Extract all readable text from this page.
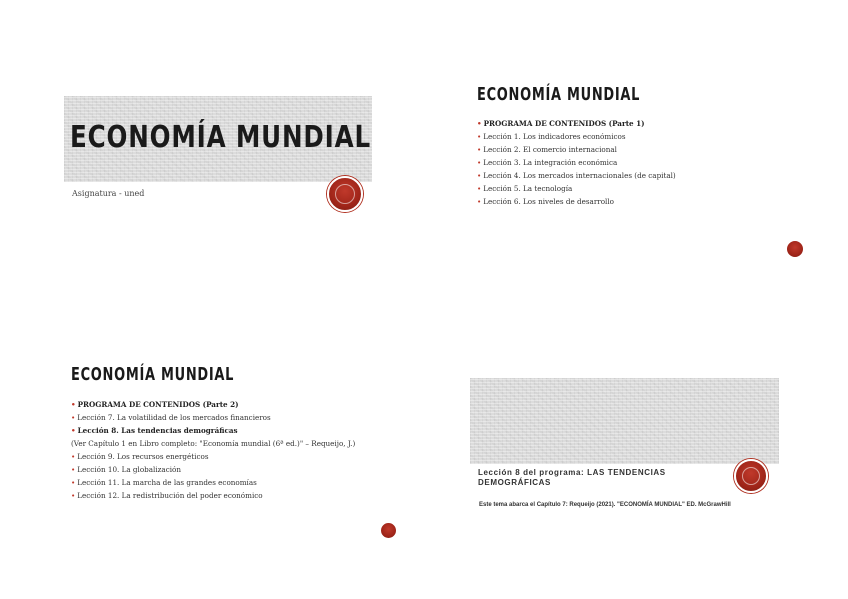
ECONOMÍA MUNDIAL
Asignatura - uned
ECONOMÍA MUNDIAL
• PROGRAMA DE CONTENIDOS (Parte 1)
• Lección 1. Los indicadores económicos
• Lección 2. El comercio internacional
• Lección 3. La integración económica
• Lección 4. Los mercados internacionales (de capital)
• Lección 5. La tecnología
• Lección 6. Los niveles de desarrollo
ECONOMÍA MUNDIAL
• PROGRAMA DE CONTENIDOS (Parte 2)
• Lección 7. La volatilidad de los mercados financieros
• Lección 8. Las tendencias demográficas
(Ver Capítulo 1 en Libro completo: "Economía mundial (6ª ed.)" – Requeijo, J.)
• Lección 9. Los recursos energéticos
• Lección 10. La globalización
• Lección 11. La marcha de las grandes economías
• Lección 12. La redistribución del poder económico
Lección 8 del programa: LAS TENDENCIAS
DEMOGRÁFICAS
Este tema abarca el Capítulo 7: Requeijo (2021). "ECONOMÍA MUNDIAL" ED. McGrawHill
